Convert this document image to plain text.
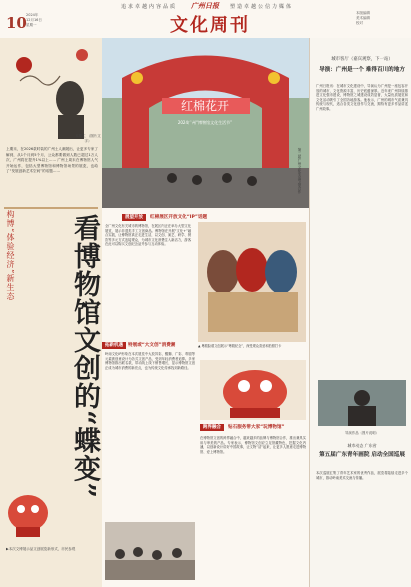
10 2024年
12月16日
星期一
追求卓越内容品质	塑造卓越公信力媒体
广州日报
文化周刊
本版编辑
美术编辑
校对
本期主 （图片文字）
上期末，在2026款时装的广州土人潮展出，让更多专家了解到，从1个月到5个月，公众都要做到人数已超过1万人次，广州将在提升1%以上…… 广州上周末在博物馆人气开始运作，包括大型博物馆和博物馆场景的展览，也给了“发展创新艺术空间”的话题……
构博“体验经济”新生态	看博物馆文创的“蝶变”
▶本次文博展示品文创展览新形式，市民参观
红棉花开
2024广州“博物馆文化生活节”
第二届广州文化生活节馆合作
展望开放	红棉展区开放文化“IP”话题
全广州文化有关城市的博物馆，在展区内正在举办大型文化展览，展示非遗类手工文创商品。博物馆在开展“文化+”融合实践，让博物馆真正走进生活，以文创、演艺、研学、餐饮等多元方式连接观众，为城市文化消费注入新活力，游客在此可以购买文创纪念品并参与互动体验。
▲ 粤剧脸谱文创展示“粤剧纪念”，深受观众喜爱和拍照打卡
拓新机遇	特展或“大文创”消费潮
岭南文化IP形象在本次展览中大放异彩，醒狮、广彩、粤剧等元素被创意设计为各式文创产品，受到年轻消费者追捧。多家博物馆推出联名款，带动线上线下销售增长，显示博物馆文创正成为城市消费的新亮点，也为传统文化传承找到新路径。
跨界融合	钻石服务带大家“玩博物馆”
在博物馆文创的跨界融合中，越来越多的品牌与博物馆合作，推出兼具实用与审美的产品。专家表示，博物馆文创应立足馆藏特色，挖掘文化内涵，以创新设计讲好中国故事，让文物“活”起来，让更多人愿意走进博物馆、爱上博物馆。
城市客厅（嘉宾观察，下一站）
导演：广州是一个 难得百川的地方
广州日报讯：在城市文化建设中，导演认为广州是一座包容开放的城市，文化资源丰富，历史底蕴深厚。近年来广州持续推进文化强市建设，博物馆之城建设成效显著，大量优质展览和文化活动吸引了全国各地游客。他表示，广州的城市气质兼具传统与现代，适合各类文化创作与交流，期待有更多作品讲述广州故事。
导演作品（图片说明）
城市动态 广东省
第五届广东青年画院 启动全国巡展
本次巡展汇集了青年艺术家的优秀作品，展览将陆续走进多个城市，推动岭南美术交流与传播。
